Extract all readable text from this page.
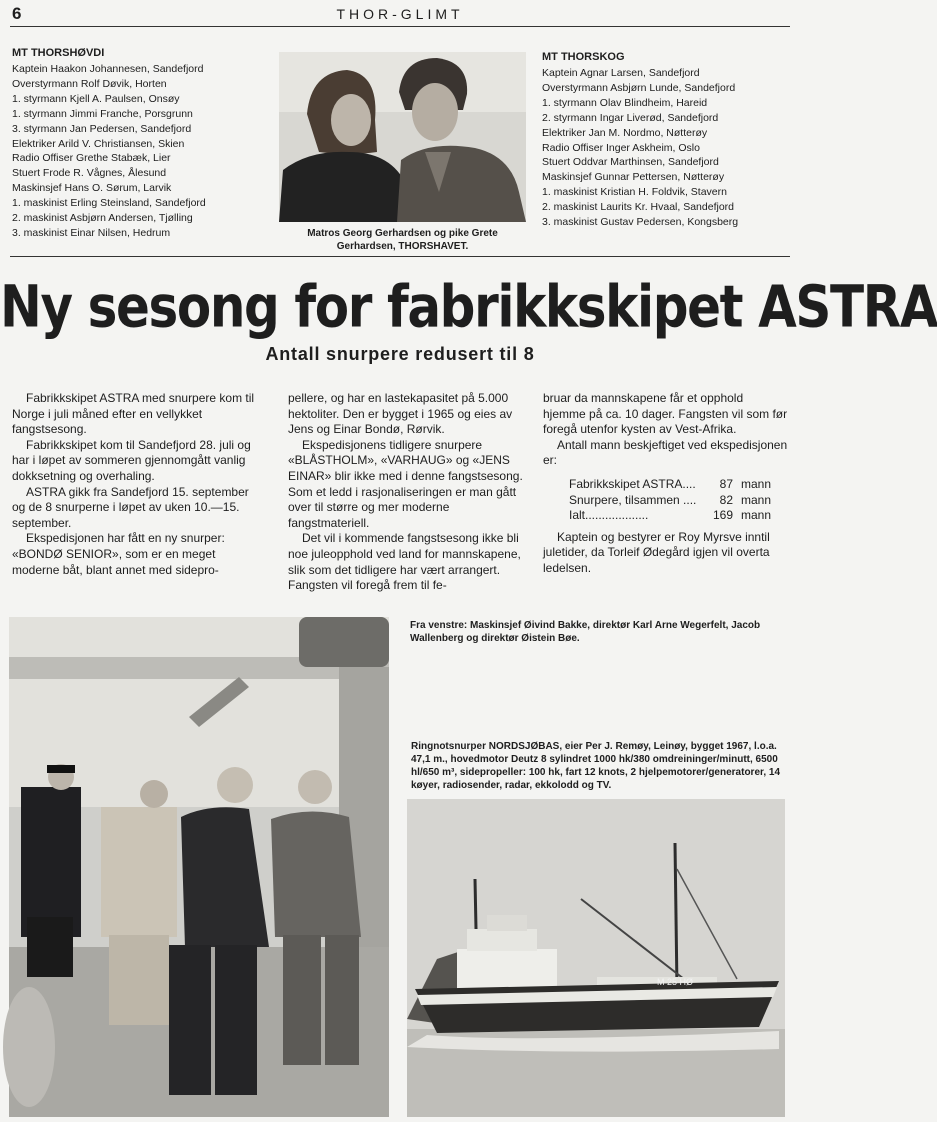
6	THOR-GLIMT
MT THORSHØVDI
Kaptein Haakon Johannesen, Sandefjord
Overstyrmann Rolf Døvik, Horten
1. styrmann Kjell A. Paulsen, Onsøy
1. styrmann Jimmi Franche, Porsgrunn
3. styrmann Jan Pedersen, Sandefjord
Elektriker Arild V. Christiansen, Skien
Radio Offiser Grethe Stabæk, Lier
Stuert Frode R. Vågnes, Ålesund
Maskinsjef Hans O. Sørum, Larvik
1. maskinist Erling Steinsland, Sandefjord
2. maskinist Asbjørn Andersen, Tjølling
3. maskinist Einar Nilsen, Hedrum	Matros Georg Gerhardsen og pike Grete Gerhardsen, THORSHAVET.
MT THORSKOG
Kaptein Agnar Larsen, Sandefjord
Overstyrmann Asbjørn Lunde, Sandefjord
1. styrmann Olav Blindheim, Hareid
2. styrmann Ingar Liverød, Sandefjord
Elektriker Jan M. Nordmo, Nøtterøy
Radio Offiser Inger Askheim, Oslo
Stuert Oddvar Marthinsen, Sandefjord
Maskinsjef Gunnar Pettersen, Nøtterøy
1. maskinist Kristian H. Foldvik, Stavern
2. maskinist Laurits Kr. Hvaal, Sandefjord
3. maskinist Gustav Pedersen, Kongsberg
Ny sesong for fabrikkskipet ASTRA
Antall snurpere redusert til 8

Fabrikkskipet ASTRA med snurpere kom til Norge i juli måned efter en vellykket fangstsesong.

Fabrikkskipet kom til Sandefjord 28. juli og har i løpet av sommeren gjennomgått vanlig dokksetning og overhaling.

ASTRA gikk fra Sandefjord 15. september og de 8 snurperne i løpet av uken 10.—15. september.

Ekspedisjonen har fått en ny snurper: «BONDØ SENIOR», som er en meget moderne båt, blant annet med sidepro-

pellere, og har en lastekapasitet på 5.000 hektoliter. Den er bygget i 1965 og eies av Jens og Einar Bondø, Rørvik.

Ekspedisjonens tidligere snurpere «BLÅSTHOLM», «VARHAUG» og «JENS EINAR» blir ikke med i denne fangstsesong. Som et ledd i rasjonaliseringen er man gått over til større og mer moderne fangstmateriell.

Det vil i kommende fangstsesong ikke bli noe juleopphold ved land for mannskapene, slik som det tidligere har vært arrangert. Fangsten vil foregå frem til fe-

bruar da mannskapene får et opphold hjemme på ca. 10 dager. Fangsten vil som før foregå utenfor kysten av Vest-Afrika.

Antall mann beskjeftiget ved ekspedisjonen er:

Fabrikkskipet ASTRA....	87 mann
Snurpere, tilsammen ....	82 mann
Ialt...................	169 mann

Kaptein og bestyrer er Roy Myrsve inntil juletider, da Torleif Ødegård igjen vil overta ledelsen.

Fra venstre: Maskinsjef Øivind Bakke, direktør Karl Arne Wegerfelt, Jacob Wallenberg og direktør Øistein Bøe.
Ringnotsnurper NORDSJØBAS, eier Per J. Remøy, Leinøy, bygget 1967, l.o.a. 47,1 m., hovedmotor Deutz 8 sylindret 1000 hk/380 omdreininger/minutt, 6500 hl/650 m³, sidepropeller: 100 hk, fart 12 knots, 2 hjelpemotorer/generatorer, 14 køyer, radiosender, radar, ekkolodd og TV.
M 25 HØ
